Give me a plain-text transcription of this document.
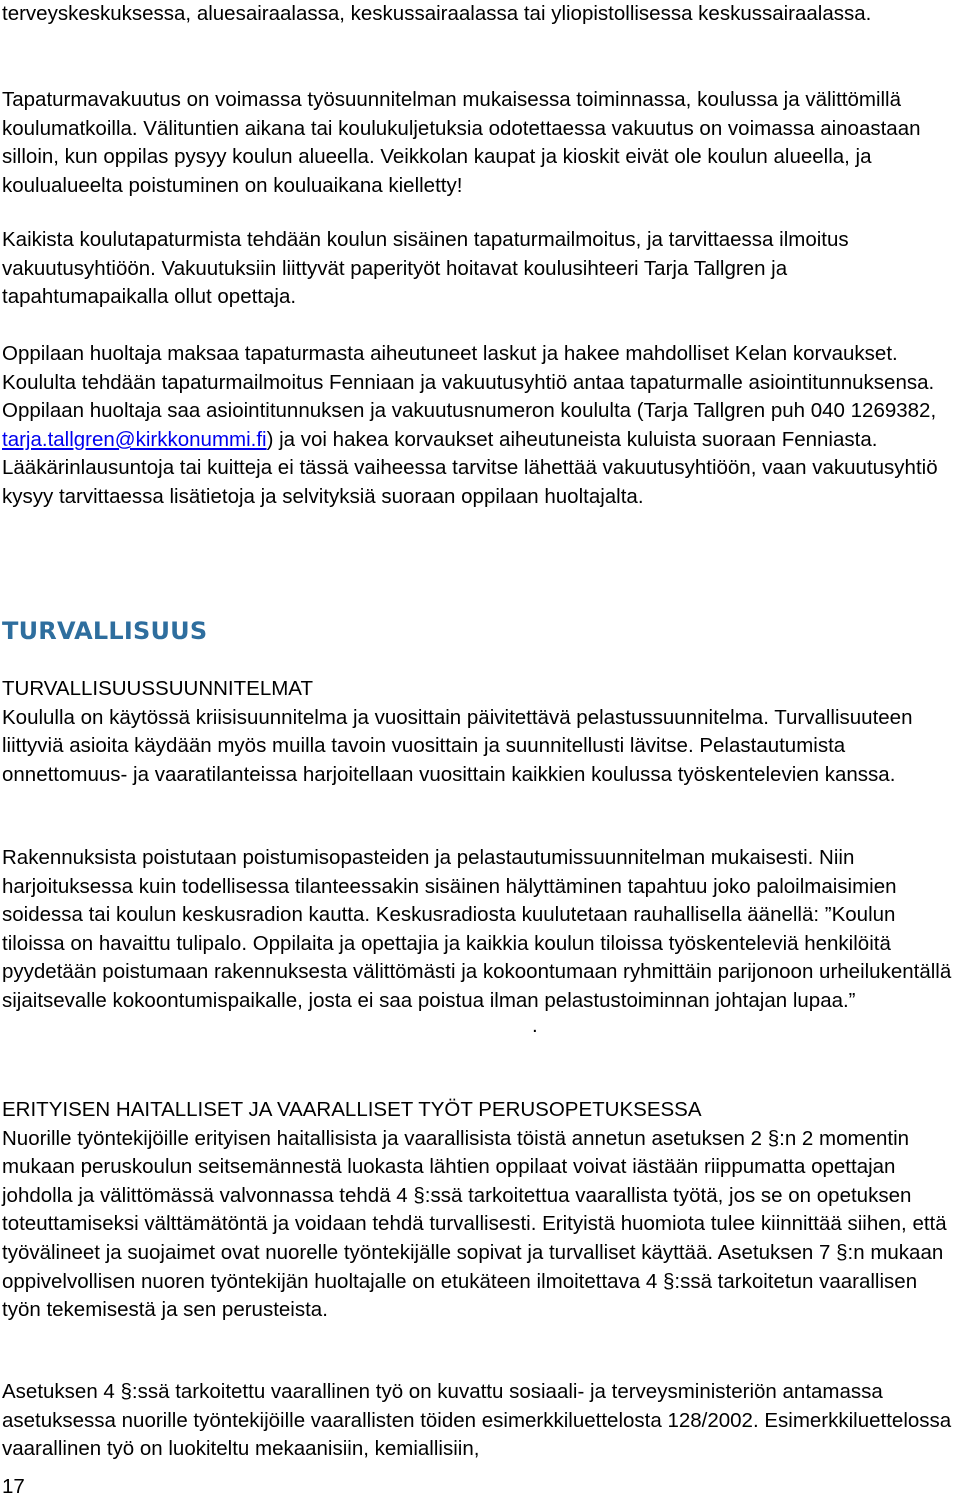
terveyskeskuksessa, aluesairaalassa, keskussairaalassa tai yliopistollisessa keskussairaalassa.

Tapaturmavakuutus on voimassa työsuunnitelman mukaisessa toiminnassa, koulussa ja välittömillä koulumatkoilla. Välituntien aikana tai koulukuljetuksia odotettaessa vakuutus on voimassa ainoastaan silloin, kun oppilas pysyy koulun alueella. Veikkolan kaupat ja kioskit eivät ole koulun alueella, ja koulualueelta poistuminen on kouluaikana kielletty!

Kaikista koulutapaturmista tehdään koulun sisäinen tapaturmailmoitus, ja tarvittaessa ilmoitus vakuutusyhtiöön. Vakuutuksiin liittyvät paperityöt hoitavat koulusihteeri Tarja Tallgren ja tapahtumapaikalla ollut opettaja.

Oppilaan huoltaja maksaa tapaturmasta aiheutuneet laskut ja hakee mahdolliset Kelan korvaukset. Koululta tehdään tapaturmailmoitus Fenniaan ja vakuutusyhtiö antaa tapaturmalle asiointitunnuksensa. Oppilaan huoltaja saa asiointitunnuksen ja vakuutusnumeron koululta (Tarja Tallgren puh 040 1269382, tarja.tallgren@kirkkonummi.fi) ja voi hakea korvaukset aiheutuneista kuluista suoraan Fenniasta. Lääkärinlausuntoja tai kuitteja ei tässä vaiheessa tarvitse lähettää vakuutusyhtiöön, vaan vakuutusyhtiö kysyy tarvittaessa lisätietoja ja selvityksiä suoraan oppilaan huoltajalta.

TURVALLISUUS

TURVALLISUUSSUUNNITELMAT

Koululla on käytössä kriisisuunnitelma ja vuosittain päivitettävä pelastussuunnitelma. Turvallisuuteen liittyviä asioita käydään myös muilla tavoin vuosittain ja suunnitellusti lävitse. Pelastautumista onnettomuus- ja vaaratilanteissa harjoitellaan vuosittain kaikkien koulussa työskentelevien kanssa.

Rakennuksista poistutaan poistumisopasteiden ja pelastautumissuunnitelman mukaisesti. Niin harjoituksessa kuin todellisessa tilanteessakin sisäinen hälyttäminen tapahtuu joko paloilmaisimien soidessa tai koulun keskusradion kautta. Keskusradiosta kuulutetaan rauhallisella äänellä: ”Koulun tiloissa on havaittu tulipalo. Oppilaita ja opettajia ja kaikkia koulun tiloissa työskenteleviä henkilöitä pyydetään poistumaan rakennuksesta välittömästi ja kokoontumaan ryhmittäin parijonoon urheilukentällä sijaitsevalle kokoontumispaikalle, josta ei saa poistua ilman pelastustoiminnan johtajan lupaa.”

.

ERITYISEN HAITALLISET JA VAARALLISET TYÖT PERUSOPETUKSESSA

Nuorille työntekijöille erityisen haitallisista ja vaarallisista töistä annetun asetuksen 2 §:n 2 momentin mukaan peruskoulun seitsemännestä luokasta lähtien oppilaat voivat iästään riippumatta opettajan johdolla ja välittömässä valvonnassa tehdä 4 §:ssä tarkoitettua vaarallista työtä, jos se on opetuksen toteuttamiseksi välttämätöntä ja voidaan tehdä turvallisesti. Erityistä huomiota tulee kiinnittää siihen, että työvälineet ja suojaimet ovat nuorelle työntekijälle sopivat ja turvalliset käyttää. Asetuksen 7 §:n mukaan oppivelvollisen nuoren työntekijän huoltajalle on etukäteen ilmoitettava 4 §:ssä tarkoitetun vaarallisen työn tekemisestä ja sen perusteista.

Asetuksen 4 §:ssä tarkoitettu vaarallinen työ on kuvattu sosiaali- ja terveysministeriön antamassa asetuksessa nuorille työntekijöille vaarallisten töiden esimerkkiluettelosta 128/2002. Esimerkkiluettelossa vaarallinen työ on luokiteltu mekaanisiin, kemiallisiin,

17
